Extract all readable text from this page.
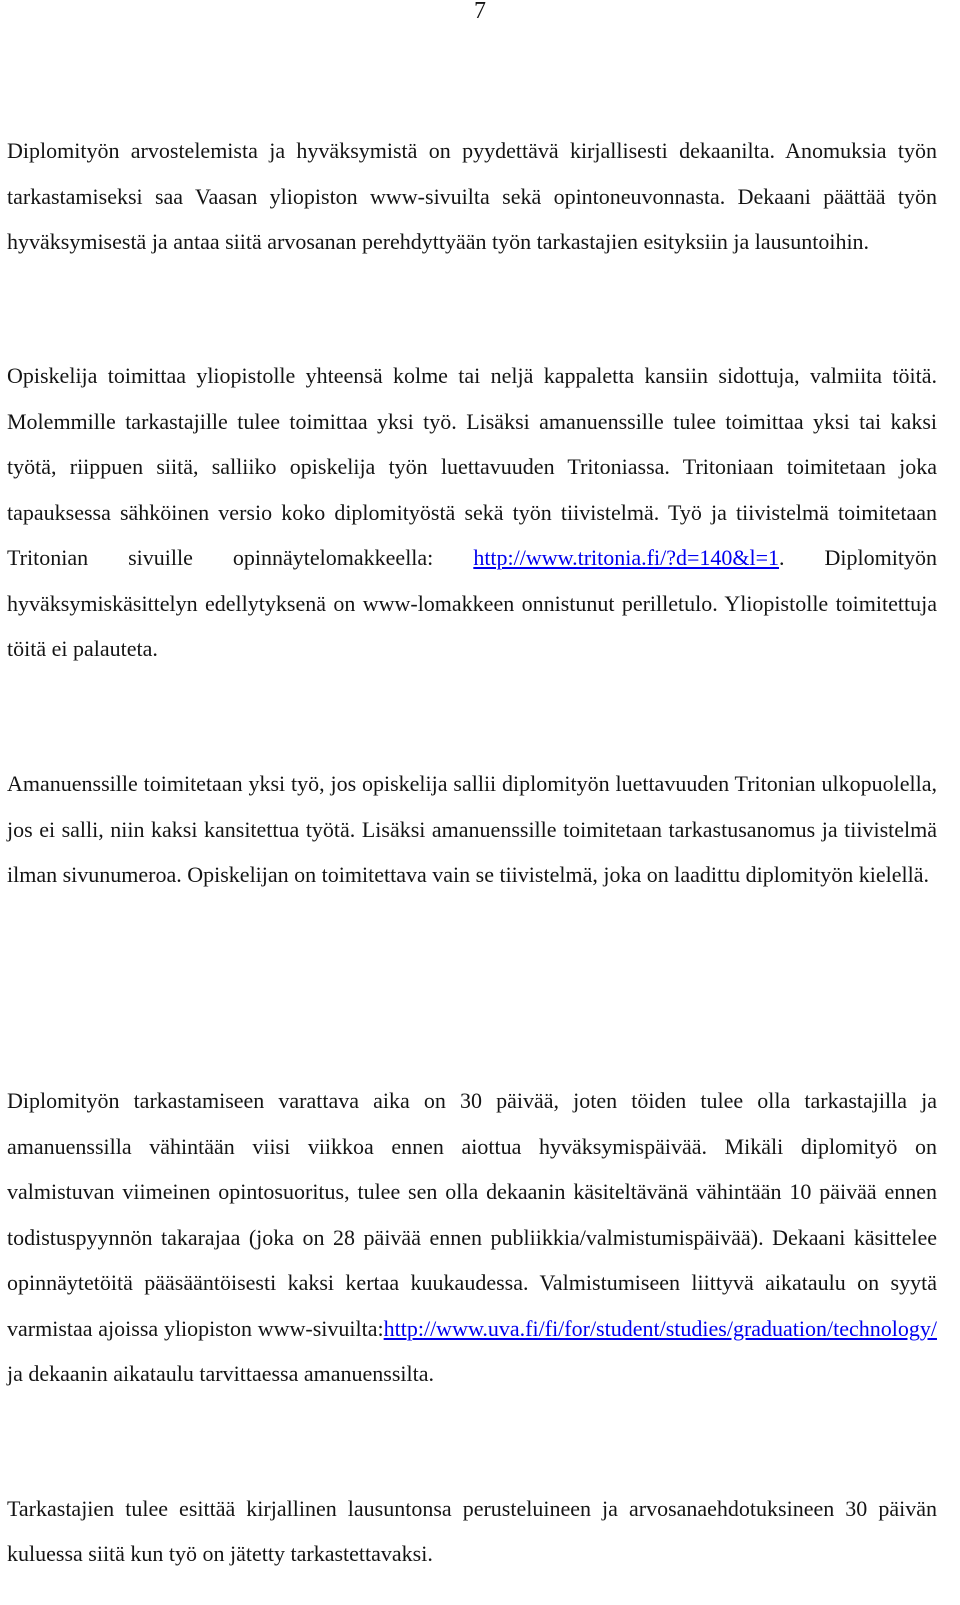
7

Diplomityön arvostelemista ja hyväksymistä on pyydettävä kirjallisesti dekaanilta. Anomuksia työn tarkastamiseksi saa Vaasan yliopiston www-sivuilta sekä opintoneuvonnasta. Dekaani päättää työn hyväksymisestä ja antaa siitä arvosanan perehdyttyään työn tarkastajien esityksiin ja lausuntoihin.

Opiskelija toimittaa yliopistolle yhteensä kolme tai neljä kappaletta kansiin sidottuja, valmiita töitä. Molemmille tarkastajille tulee toimittaa yksi työ. Lisäksi amanuenssille tulee toimittaa yksi tai kaksi työtä, riippuen siitä, salliiko opiskelija työn luettavuuden Tritoniassa. Tritoniaan toimitetaan joka tapauksessa sähköinen versio koko diplomityöstä sekä työn tiivistelmä. Työ ja tiivistelmä toimitetaan Tritonian sivuille opinnäytelomakkeella: http://www.tritonia.fi/?d=140&l=1. Diplomityön hyväksymiskäsittelyn edellytyksenä on www-lomakkeen onnistunut perilletulo. Yliopistolle toimitettuja töitä ei palauteta.

Amanuenssille toimitetaan yksi työ, jos opiskelija sallii diplomityön luettavuuden Tritonian ulkopuolella, jos ei salli, niin kaksi kansitettua työtä. Lisäksi amanuenssille toimitetaan tarkastusanomus ja tiivistelmä ilman sivunumeroa. Opiskelijan on toimitettava vain se tiivistelmä, joka on laadittu diplomityön kielellä.

Diplomityön tarkastamiseen varattava aika on 30 päivää, joten töiden tulee olla tarkastajilla ja amanuenssilla vähintään viisi viikkoa ennen aiottua hyväksymispäivää. Mikäli diplomityö on valmistuvan viimeinen opintosuoritus, tulee sen olla dekaanin käsiteltävänä vähintään 10 päivää ennen todistuspyynnön takarajaa (joka on 28 päivää ennen publiikkia/valmistumispäivää). Dekaani käsittelee opinnäytetöitä pääsääntöisesti kaksi kertaa kuukaudessa. Valmistumiseen liittyvä aikataulu on syytä varmistaa ajoissa yliopiston www-sivuilta:http://www.uva.fi/fi/for/student/studies/graduation/technology/ ja dekaanin aikataulu tarvittaessa amanuenssilta.

Tarkastajien tulee esittää kirjallinen lausuntonsa perusteluineen ja arvosanaehdotuksineen 30 päivän kuluessa siitä kun työ on jätetty tarkastettavaksi.
